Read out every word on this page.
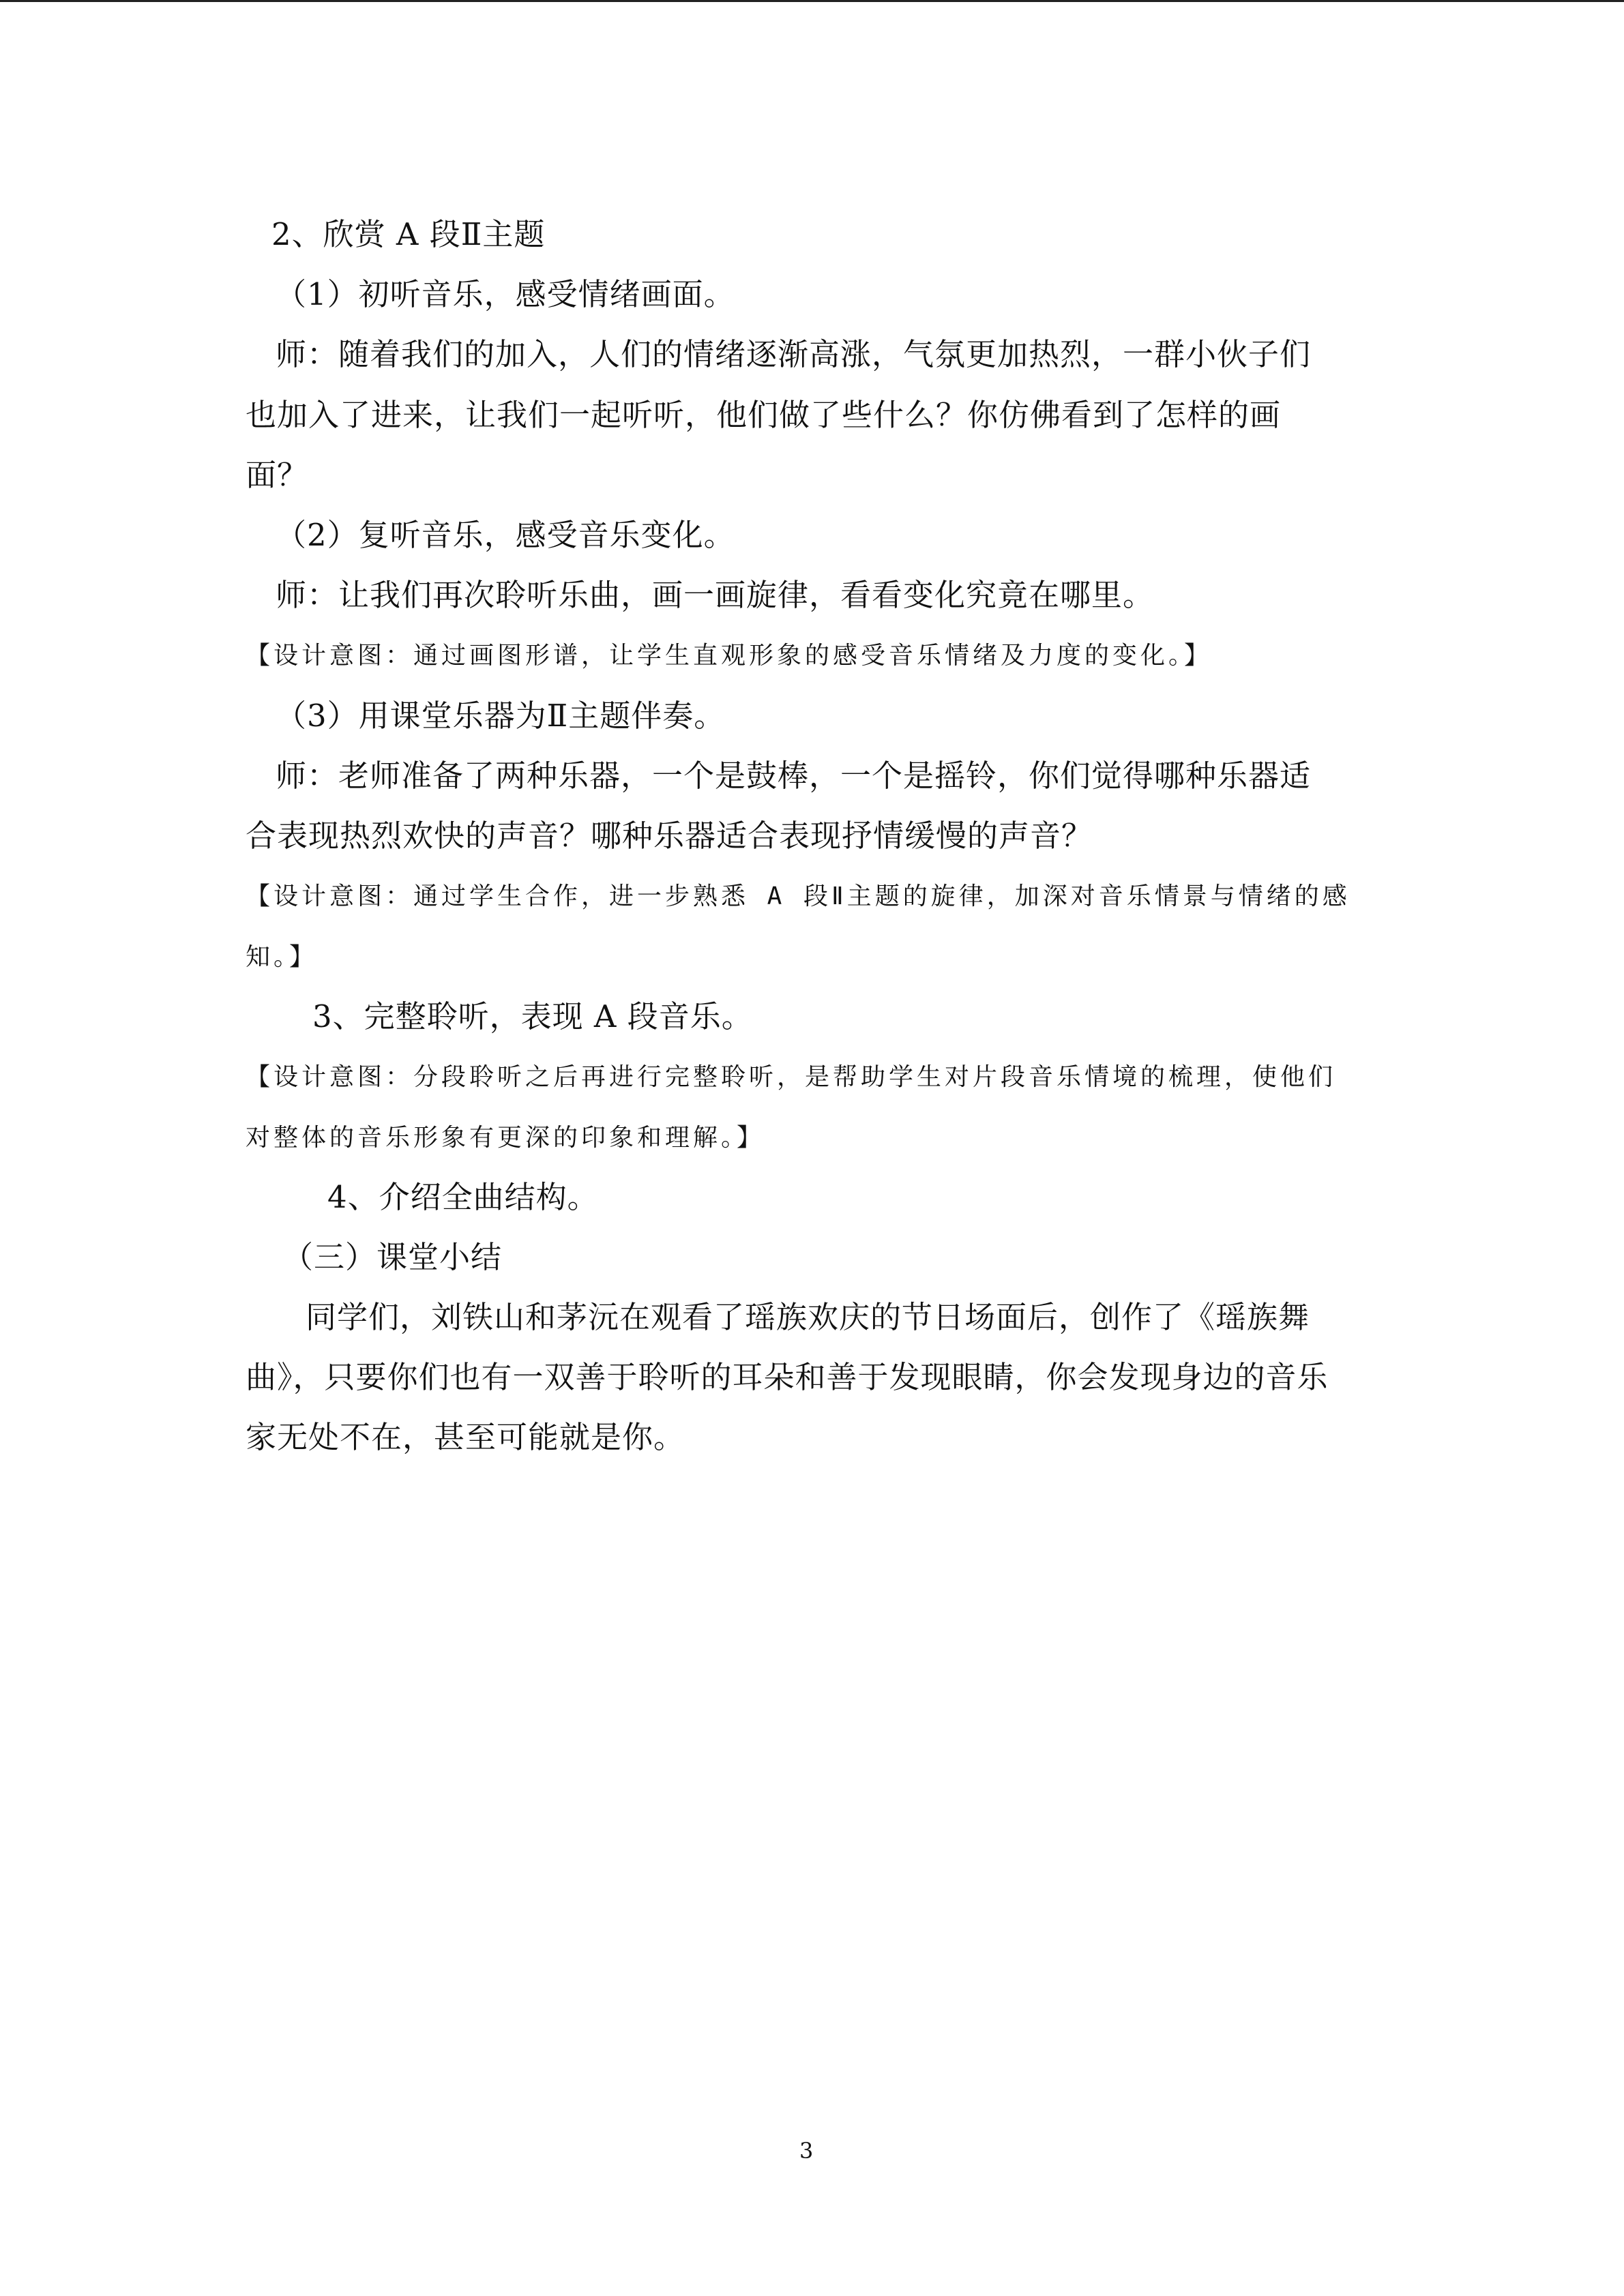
2、欣赏 A 段Ⅱ主题
（1）初听音乐，感受情绪画面。
师：随着我们的加入，人们的情绪逐渐高涨，气氛更加热烈，一群小伙子们
也加入了进来，让我们一起听听，他们做了些什么？你仿佛看到了怎样的画
面？
（2）复听音乐，感受音乐变化。
师：让我们再次聆听乐曲，画一画旋律，看看变化究竟在哪里。
【设计意图：通过画图形谱，让学生直观形象的感受音乐情绪及力度的变化。】
（3）用课堂乐器为Ⅱ主题伴奏。
师：老师准备了两种乐器，一个是鼓棒，一个是摇铃，你们觉得哪种乐器适
合表现热烈欢快的声音？哪种乐器适合表现抒情缓慢的声音？
【设计意图：通过学生合作，进一步熟悉 A 段Ⅱ主题的旋律，加深对音乐情景与情绪的感
知。】
3、完整聆听，表现 A 段音乐。
【设计意图：分段聆听之后再进行完整聆听，是帮助学生对片段音乐情境的梳理，使他们
对整体的音乐形象有更深的印象和理解。】
4、介绍全曲结构。
（三）课堂小结
同学们，刘铁山和茅沅在观看了瑶族欢庆的节日场面后，创作了《瑶族舞
曲》，只要你们也有一双善于聆听的耳朵和善于发现眼睛，你会发现身边的音乐
家无处不在，甚至可能就是你。
3
